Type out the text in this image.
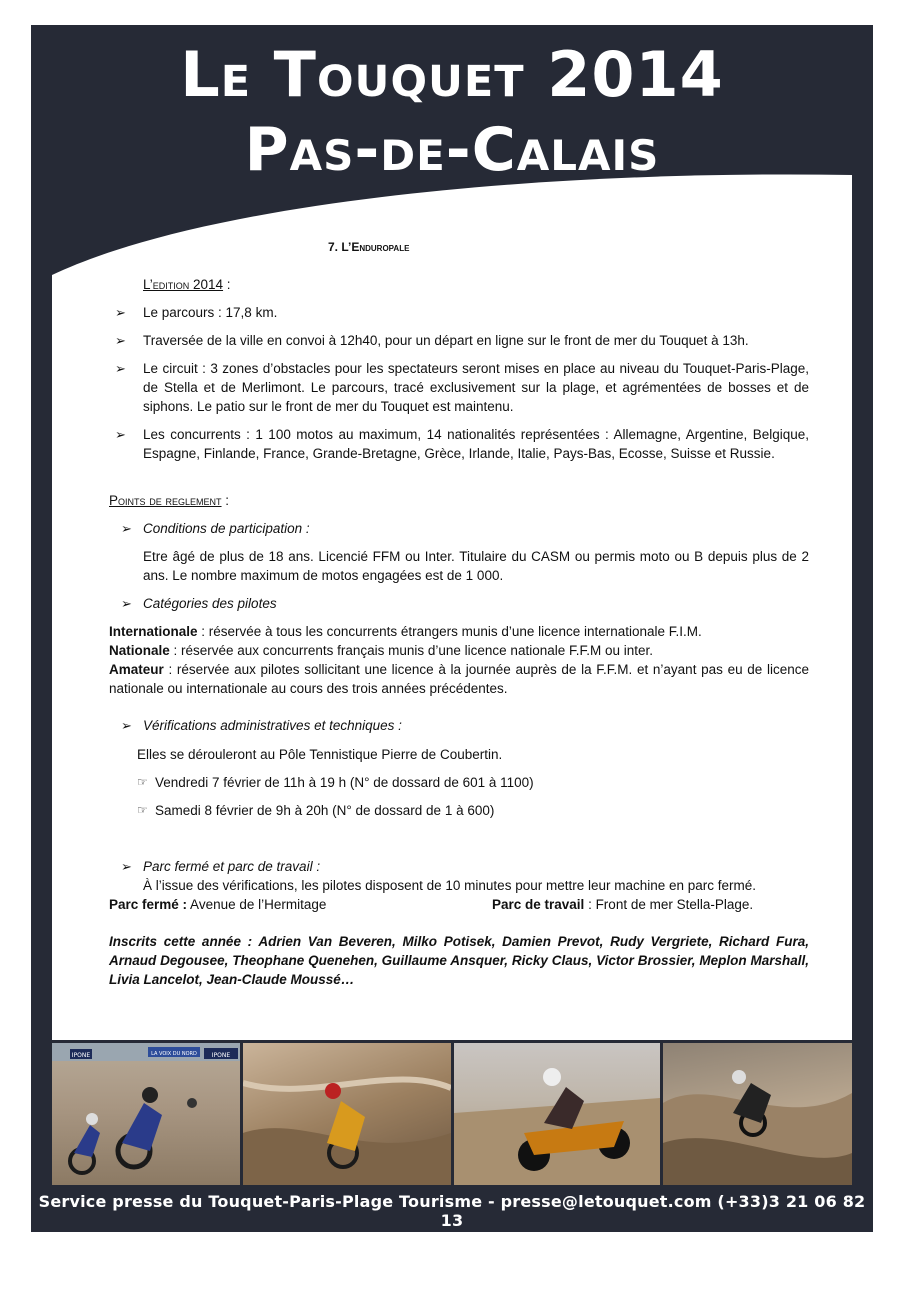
Le Touquet 2014
Pas-de-Calais
7. L’Enduropale
L’edition 2014 :
➢ Le parcours : 17,8 km.
➢ Traversée de la ville en convoi à 12h40, pour un départ en ligne sur le front de mer du Touquet à 13h.
➢ Le circuit : 3 zones d’obstacles pour les spectateurs seront mises en place au niveau du Touquet-Paris-Plage, de Stella et de Merlimont. Le parcours, tracé exclusivement sur la plage, et agrémentées de bosses et de siphons. Le patio sur le front de mer du Touquet est maintenu.
➢ Les concurrents : 1 100 motos au maximum, 14 nationalités représentées : Allemagne, Argentine, Belgique, Espagne, Finlande, France, Grande-Bretagne, Grèce, Irlande, Italie, Pays-Bas, Ecosse, Suisse et Russie.
Points de reglement :
➢ Conditions de participation :
Etre âgé de plus de 18 ans. Licencié FFM ou Inter. Titulaire du CASM ou permis moto ou B depuis plus de 2 ans. Le nombre maximum de motos engagées est de 1 000.
➢ Catégories des pilotes
Internationale : réservée à tous les concurrents étrangers munis d’une licence internationale F.I.M.
Nationale : réservée aux concurrents français munis d’une licence nationale F.F.M ou inter.
Amateur : réservée aux pilotes sollicitant une licence à la journée auprès de la F.F.M. et n’ayant pas eu de licence nationale ou internationale au cours des trois années précédentes.
➢ Vérifications administratives et techniques :
Elles se dérouleront au Pôle Tennistique Pierre de Coubertin.
☞ Vendredi 7 février de 11h à 19 h (N° de dossard de 601 à 1100)
☞ Samedi 8 février de 9h à 20h (N° de dossard de 1 à 600)
➢ Parc fermé et parc de travail :
À l’issue des vérifications, les pilotes disposent de 10 minutes pour mettre leur machine en parc fermé.
Parc fermé : Avenue de l’Hermitage	Parc de travail : Front de mer Stella-Plage.
Inscrits cette année : Adrien Van Beveren, Milko Potisek, Damien Prevot, Rudy Vergriete, Richard Fura, Arnaud Degousee, Theophane Quenehen, Guillaume Ansquer, Ricky Claus, Victor Brossier, Meplon Marshall, Livia Lancelot, Jean-Claude Moussé…
IPONE	LA VOIX DU NORD IPONE
Service presse du Touquet-Paris-Plage Tourisme - presse@letouquet.com (+33)3 21 06 82 13
